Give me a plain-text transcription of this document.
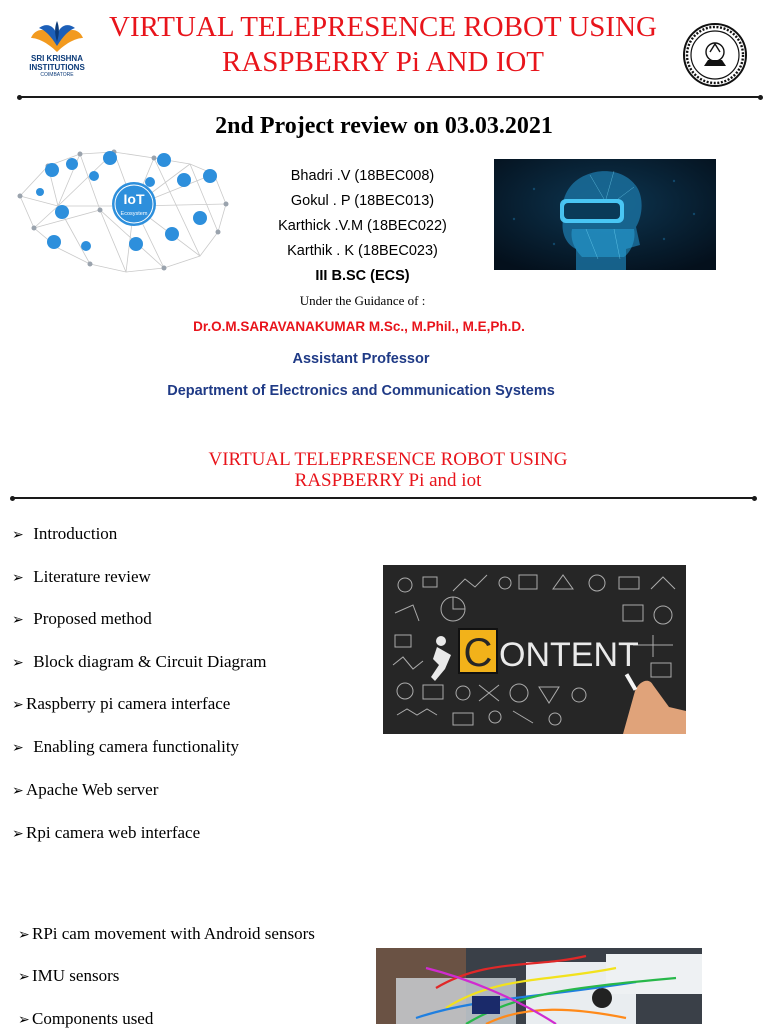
SRI KRISHNA
INSTITUTIONS
COIMBATORE
VIRTUAL TELEPRESENCE ROBOT USING
RASPBERRY Pi AND IOT
2nd Project review on 03.03.2021
IoT
Ecosystem
Bhadri .V (18BEC008)
Gokul . P (18BEC013)
Karthick .V.M (18BEC022)
Karthik . K (18BEC023)
III B.SC (ECS)
Under the Guidance of :
Dr.O.M.SARAVANAKUMAR M.Sc., M.Phil., M.E,Ph.D.
Assistant Professor
Department of Electronics and Communication Systems
VIRTUAL TELEPRESENCE ROBOT USING
RASPBERRY Pi and iot
➢ Introduction
➢ Literature review
➢ Proposed method
➢ Block diagram & Circuit Diagram
➢ Raspberry pi camera interface
➢ Enabling camera functionality
➢ Apache Web server
➢ Rpi camera web interface
C ONTENT
➢ RPi cam movement with Android sensors
➢ IMU sensors
➢ Components used
